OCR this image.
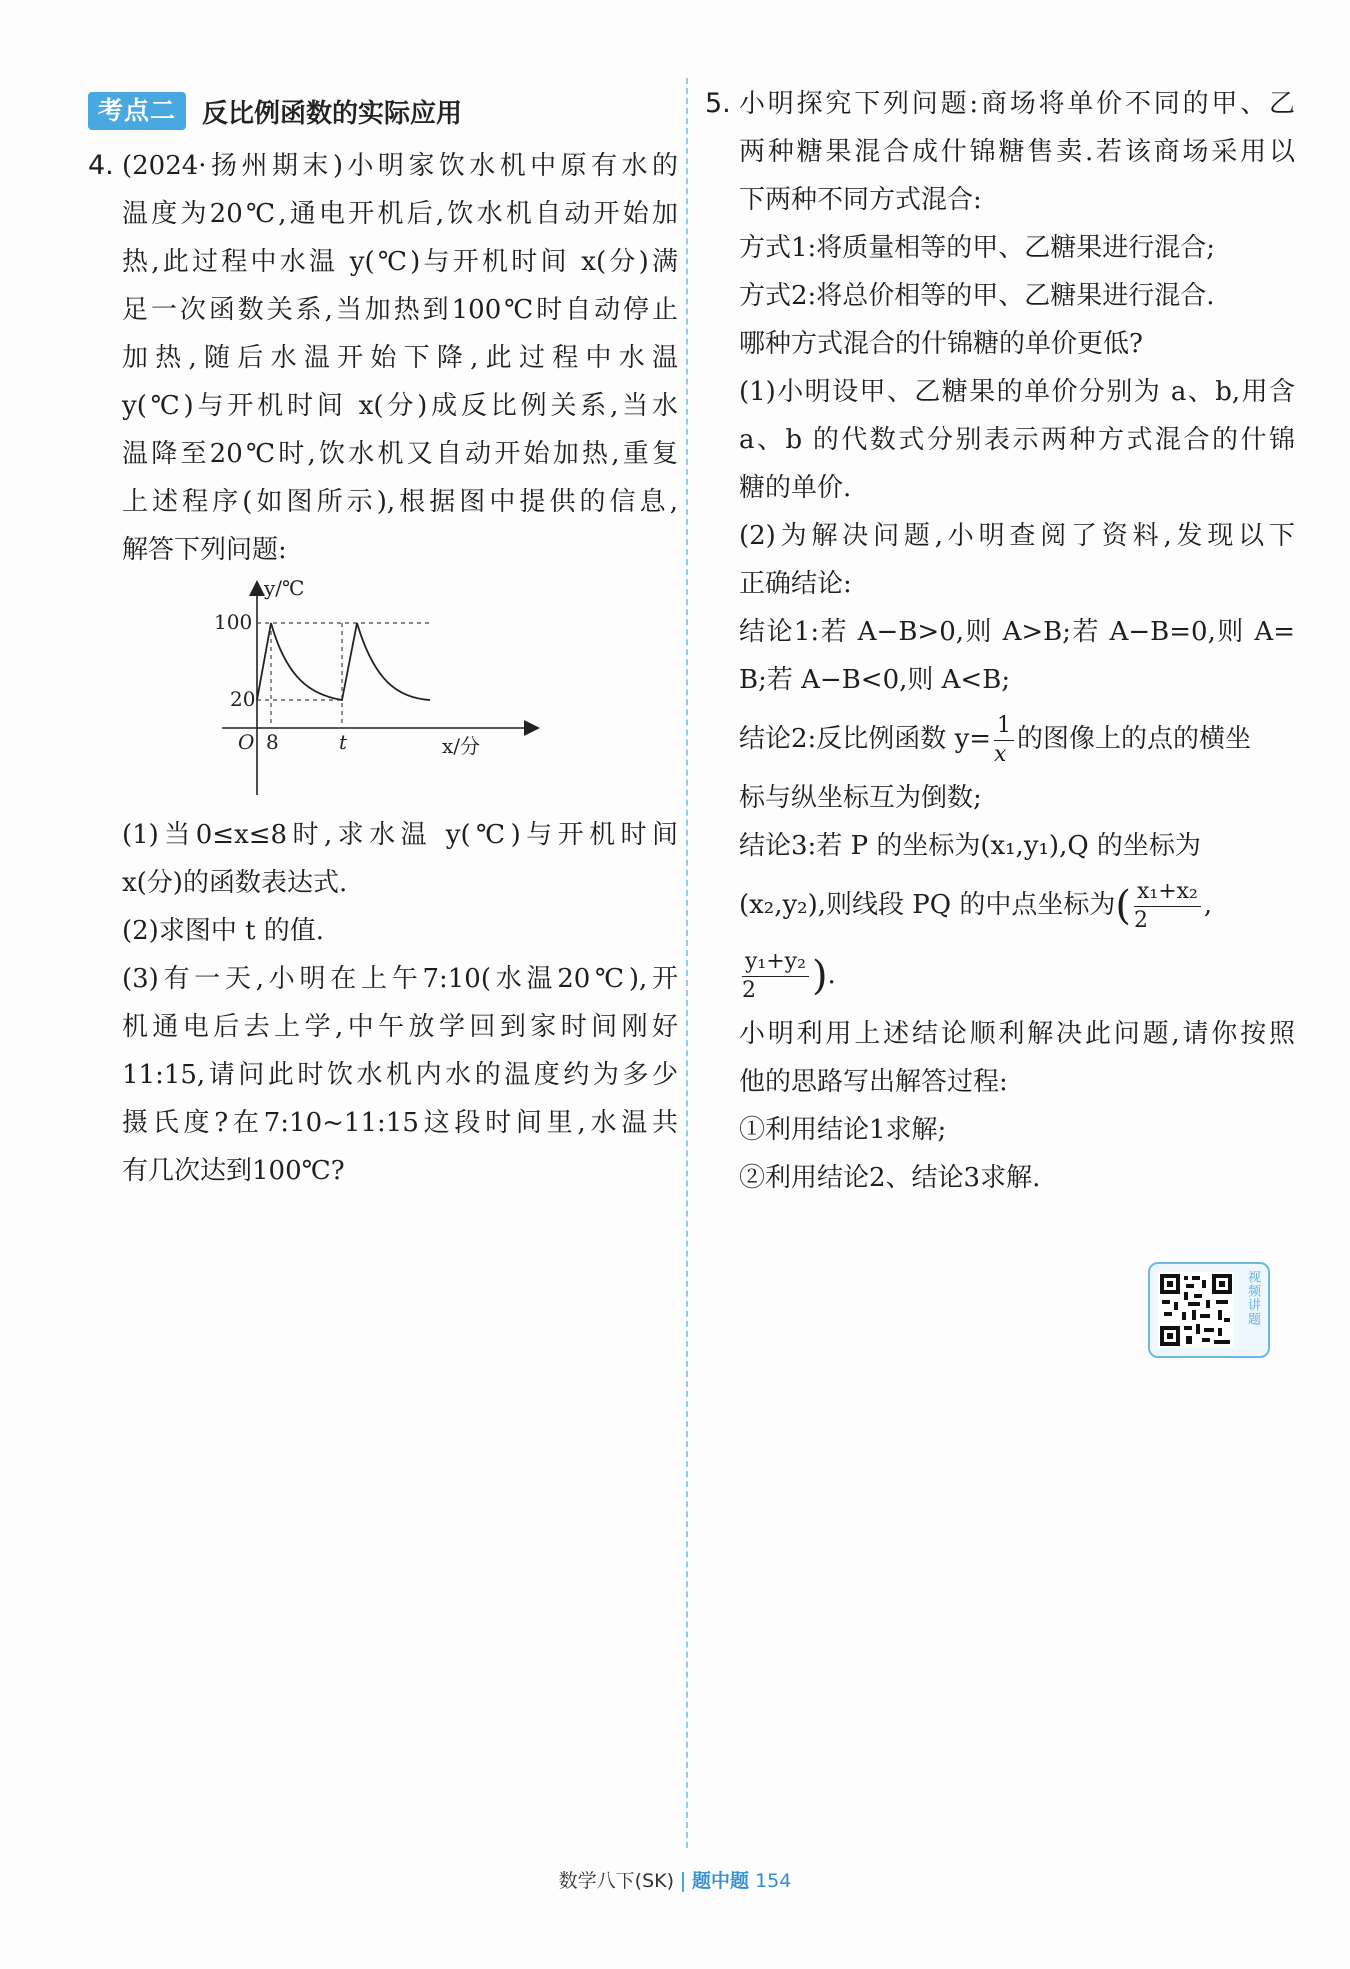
考点二	反比例函数的实际应用
4. (2024·扬州期末)小明家饮水机中原有水的
温度为20℃,通电开机后,饮水机自动开始加
热,此过程中水温 y(℃)与开机时间 x(分)满
足一次函数关系,当加热到100℃时自动停止
加热,随后水温开始下降,此过程中水温
y(℃)与开机时间 x(分)成反比例关系,当水
温降至20℃时,饮水机又自动开始加热,重复
上述程序(如图所示),根据图中提供的信息,
解答下列问题:
y/℃
100
20
O 8	t	x/分
(1)当0≤x≤8时,求水温 y(℃)与开机时间
x(分)的函数表达式.
(2)求图中 t 的值.
(3)有一天,小明在上午7:10(水温20℃),开
机通电后去上学,中午放学回到家时间刚好
11:15,请问此时饮水机内水的温度约为多少
摄氏度?在7:10~11:15这段时间里,水温共
有几次达到100℃?
5. 小明探究下列问题:商场将单价不同的甲、乙
两种糖果混合成什锦糖售卖.若该商场采用以
下两种不同方式混合:
方式1:将质量相等的甲、乙糖果进行混合;
方式2:将总价相等的甲、乙糖果进行混合.
哪种方式混合的什锦糖的单价更低?
(1)小明设甲、乙糖果的单价分别为 a、b,用含
a、b 的代数式分别表示两种方式混合的什锦
糖的单价.
(2)为解决问题,小明查阅了资料,发现以下
正确结论:
结论1:若 A−B>0,则 A>B;若 A−B=0,则 A=
B;若 A−B<0,则 A<B;
结论2:反比例函数 $y= \frac{1}{x}$ 的图像上的点的横坐
标与纵坐标互为倒数;
结论3:若 P 的坐标为(x₁,y₁),Q 的坐标为
(x₂,y₂),则线段 PQ 的中点坐标为( $\frac{\text{x₁+x₂}}{2}$ ,
$\frac{\text{y₁+y₂}}{2}$ ).
小明利用上述结论顺利解决此问题,请你按照
他的思路写出解答过程:
①利用结论1求解;
②利用结论2、结论3求解.
视频讲题
数学八下(SK) 题中题 154
